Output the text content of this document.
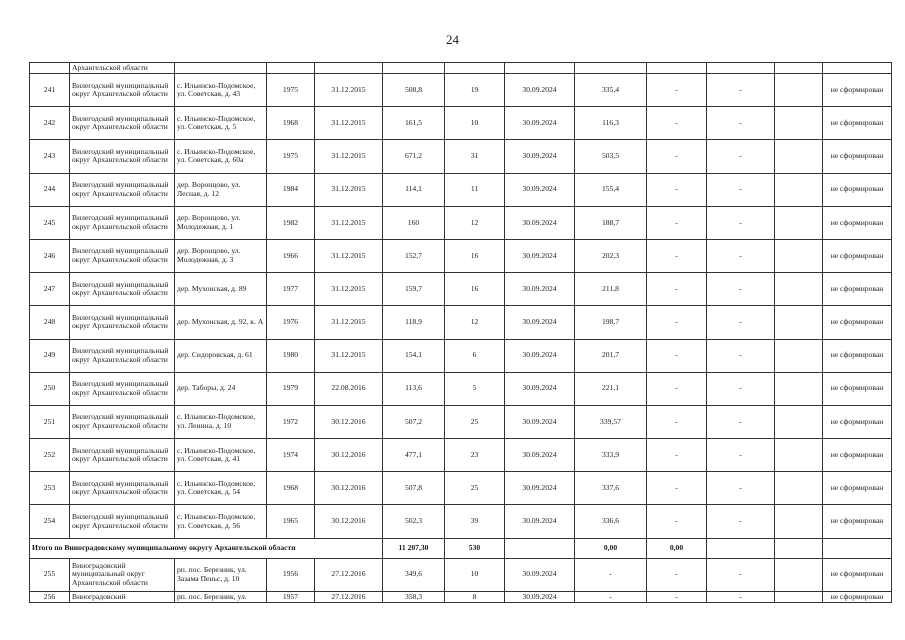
24
	Архангельской области											
241	Вилегодский муниципальный округ Архангельской области	с. Ильинско-Подомское, ул. Советская, д. 43	1975	31.12.2015	508,8	19	30.09.2024	335,4	-	-		не сформирован
242	Вилегодский муниципальный округ Архангельской области	с. Ильинско-Подомское, ул. Советская, д. 5	1968	31.12.2015	161,5	10	30.09.2024	116,3	-	-		не сформирован
243	Вилегодский муниципальный округ Архангельской области	с. Ильинско-Подомское, ул. Советская, д. 60а	1975	31.12.2015	671,2	31	30.09.2024	503,5	-	-		не сформирован
244	Вилегодский муниципальный округ Архангельской области	дер. Воронцово, ул. Лесная, д. 12	1984	31.12.2015	114,1	11	30.09.2024	155,4	-	-		не сформирован
245	Вилегодский муниципальный округ Архангельской области	дер. Воронцово, ул. Молодежная, д. 1	1982	31.12.2015	160	12	30.09.2024	188,7	-	-		не сформирован
246	Вилегодский муниципальный округ Архангельской области	дер. Воронцово, ул. Молодежная, д. 3	1966	31.12.2015	152,7	16	30.09.2024	202,3	-	-		не сформирован
247	Вилегодский муниципальный округ Архангельской области	дер. Мухонская, д. 89	1977	31.12.2015	159,7	16	30.09.2024	211,8	-	-		не сформирован
248	Вилегодский муниципальный округ Архангельской области	дер. Мухонская, д. 92, к. А	1976	31.12.2015	118,9	12	30.09.2024	198,7	-	-		не сформирован
249	Вилегодский муниципальный округ Архангельской области	дер. Сидоровская, д. 61	1980	31.12.2015	154,1	6	30.09.2024	201,7	-	-		не сформирован
250	Вилегодский муниципальный округ Архангельской области	дер. Таборы, д. 24	1979	22.08.2016	113,6	5	30.09.2024	221,1	-	-		не сформирован
251	Вилегодский муниципальный округ Архангельской области	с. Ильинско-Подомское, ул. Ленина, д. 10	1972	30.12.2016	507,2	25	30.09.2024	339,57	-	-		не сформирован
252	Вилегодский муниципальный округ Архангельской области	с. Ильинско-Подомское, ул. Советская, д. 41	1974	30.12.2016	477,1	23	30.09.2024	333,9	-	-		не сформирован
253	Вилегодский муниципальный округ Архангельской области	с. Ильинско-Подомское, ул. Советская, д. 54	1968	30.12.2016	507,8	25	30.09.2024	337,6	-	-		не сформирован
254	Вилегодский муниципальный округ Архангельской области	с. Ильинско-Подомское, ул. Советская, д. 56	1965	30.12.2016	502,3	39	30.09.2024	336,6	-	-		не сформирован
Итого по Виноградовскому муниципальному округу Архангельской области					11 207,30	530		0,00	0,00			
255	Виноградовский муниципальный округ Архангельской области	рп. пос. Березник, ул. Зазама Пеньс, д. 10	1956	27.12.2016	349,6	10	30.09.2024	-	-	-		не сформирован
256	Виноградовский	рп. пос. Березник, ул.	1957	27.12.2016	358,3	8	30.09.2024	-	-	-		не сформирован
